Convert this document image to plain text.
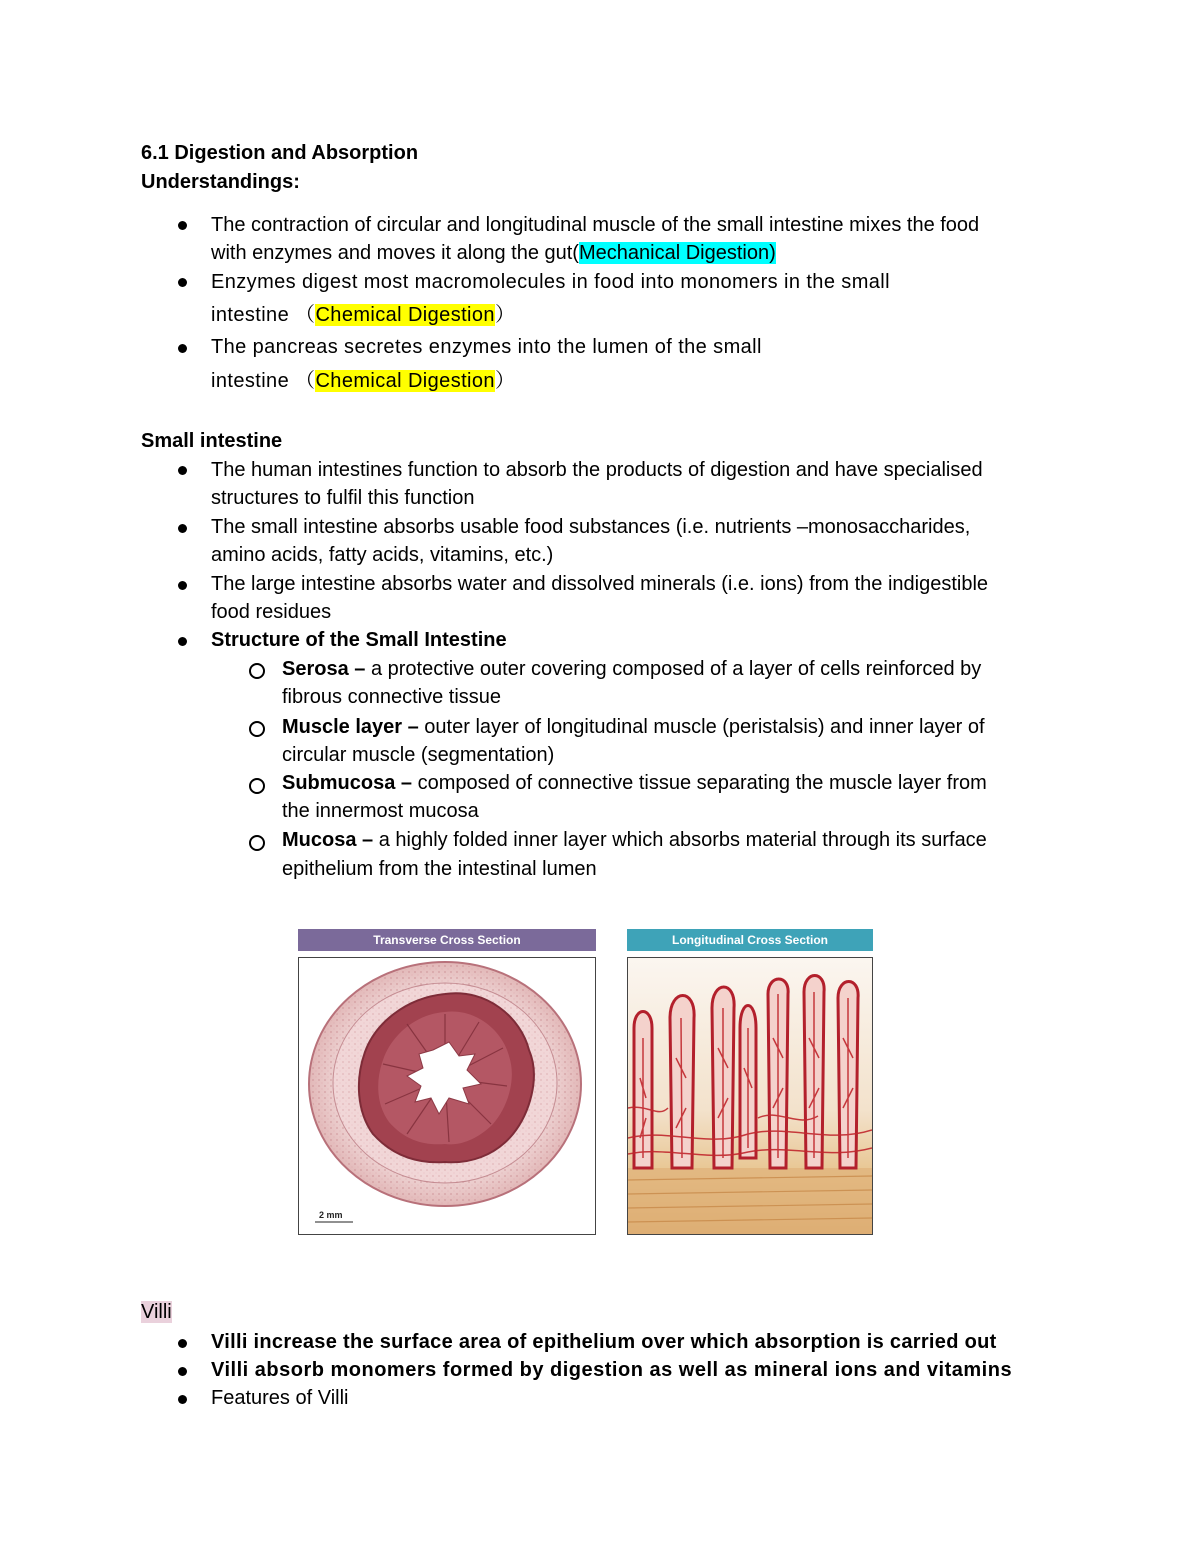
6.1 Digestion and Absorption
Understandings:
The contraction of circular and longitudinal muscle of the small intestine mixes the food
with enzymes and moves it along the gut(Mechanical Digestion)
Enzymes digest most macromolecules in food into monomers in the small
intestine （Chemical Digestion）
The pancreas secretes enzymes into the lumen of the small
intestine （Chemical Digestion）
Small intestine
The human intestines function to absorb the products of digestion and have specialised
structures to fulfil this function
The small intestine absorbs usable food substances (i.e. nutrients –monosaccharides,
amino acids, fatty acids, vitamins, etc.)
The large intestine absorbs water and dissolved minerals (i.e. ions) from the indigestible
food residues
Structure of the Small Intestine
Serosa – a protective outer covering composed of a layer of cells reinforced by
fibrous connective tissue
Muscle layer – outer layer of longitudinal muscle (peristalsis) and inner layer of
circular muscle (segmentation)
Submucosa – composed of connective tissue separating the muscle layer from
the innermost mucosa
Mucosa – a highly folded inner layer which absorbs material through its surface
epithelium from the intestinal lumen
Transverse Cross Section
2 mm
Longitudinal Cross Section
Villi
Villi increase the surface area of epithelium over which absorption is carried out
Villi absorb monomers formed by digestion as well as mineral ions and vitamins
Features of Villi
